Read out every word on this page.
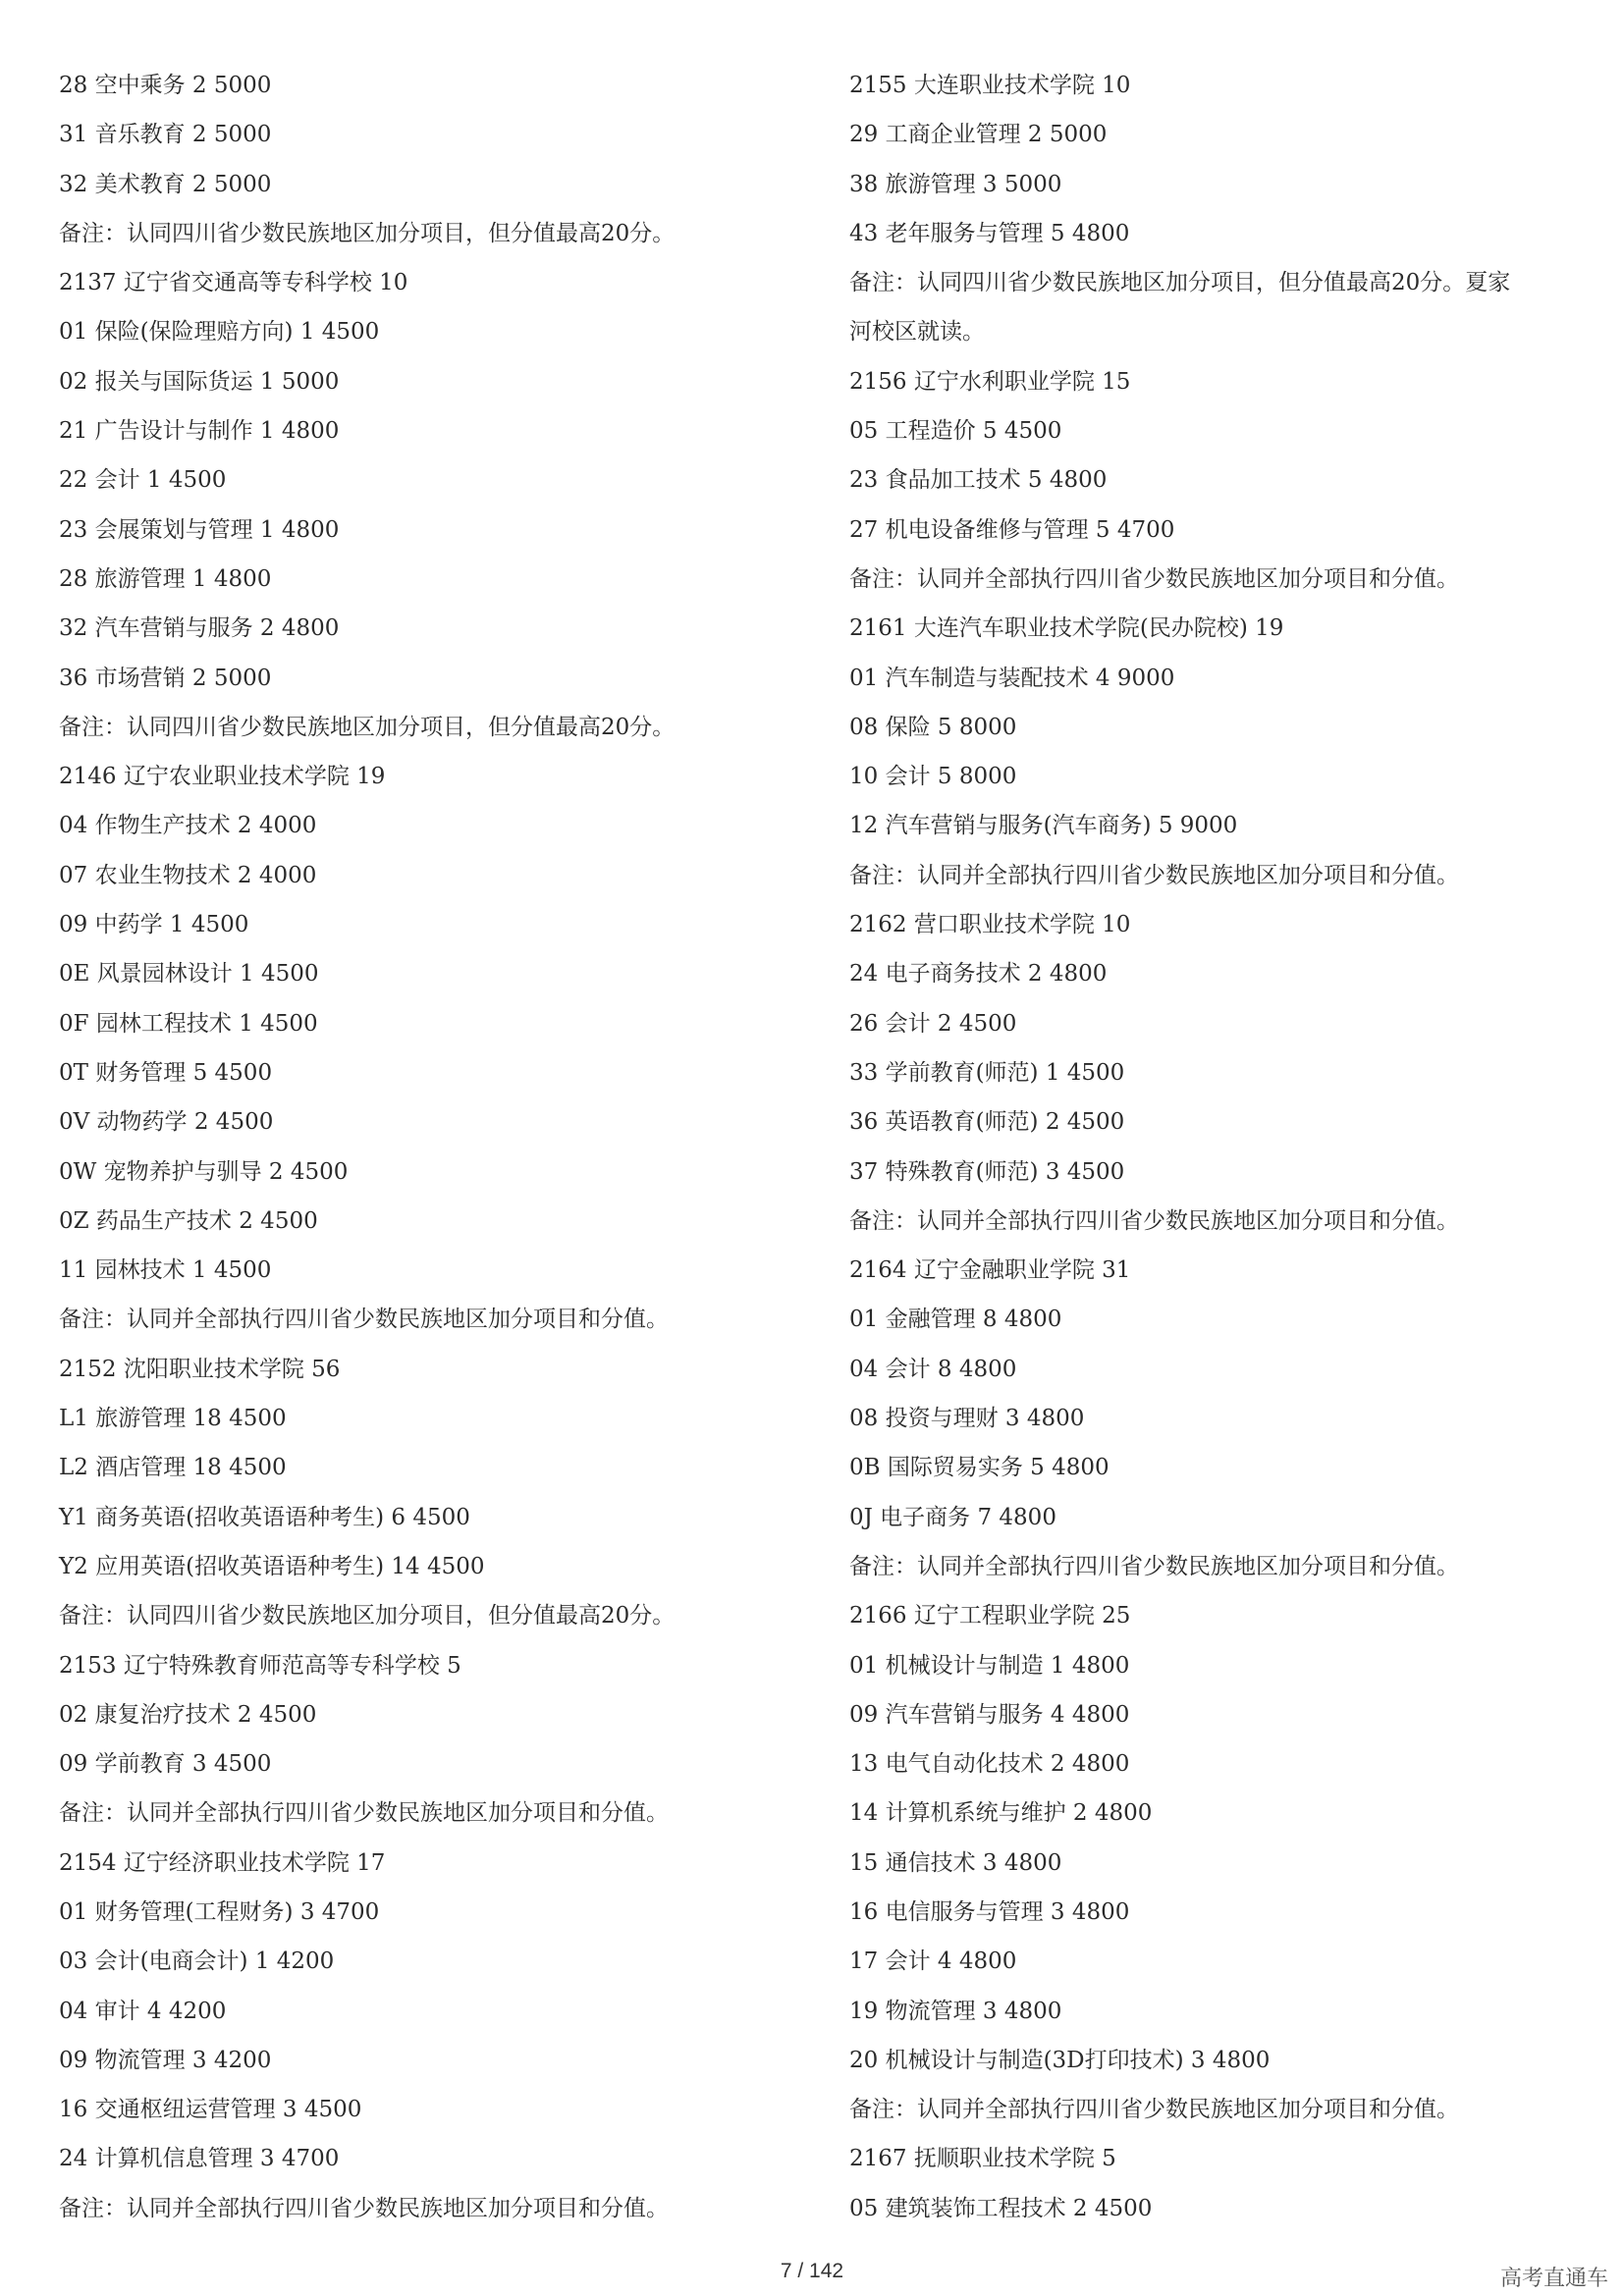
28 空中乘务 2 5000
31 音乐教育 2 5000
32 美术教育 2 5000
备注：认同四川省少数民族地区加分项目，但分值最高20分。
2137 辽宁省交通高等专科学校 10
01 保险(保险理赔方向) 1 4500
02 报关与国际货运 1 5000
21 广告设计与制作 1 4800
22 会计 1 4500
23 会展策划与管理 1 4800
28 旅游管理 1 4800
32 汽车营销与服务 2 4800
36 市场营销 2 5000
备注：认同四川省少数民族地区加分项目，但分值最高20分。
2146 辽宁农业职业技术学院 19
04 作物生产技术 2 4000
07 农业生物技术 2 4000
09 中药学 1 4500
0E 风景园林设计 1 4500
0F 园林工程技术 1 4500
0T 财务管理 5 4500
0V 动物药学 2 4500
0W 宠物养护与驯导 2 4500
0Z 药品生产技术 2 4500
11 园林技术 1 4500
备注：认同并全部执行四川省少数民族地区加分项目和分值。
2152 沈阳职业技术学院 56
L1 旅游管理 18 4500
L2 酒店管理 18 4500
Y1 商务英语(招收英语语种考生) 6 4500
Y2 应用英语(招收英语语种考生) 14 4500
备注：认同四川省少数民族地区加分项目，但分值最高20分。
2153 辽宁特殊教育师范高等专科学校 5
02 康复治疗技术 2 4500
09 学前教育 3 4500
备注：认同并全部执行四川省少数民族地区加分项目和分值。
2154 辽宁经济职业技术学院 17
01 财务管理(工程财务) 3 4700
03 会计(电商会计) 1 4200
04 审计 4 4200
09 物流管理 3 4200
16 交通枢纽运营管理 3 4500
24 计算机信息管理 3 4700
备注：认同并全部执行四川省少数民族地区加分项目和分值。
2155 大连职业技术学院 10
29 工商企业管理 2 5000
38 旅游管理 3 5000
43 老年服务与管理 5 4800
备注：认同四川省少数民族地区加分项目，但分值最高20分。夏家
河校区就读。
2156 辽宁水利职业学院 15
05 工程造价 5 4500
23 食品加工技术 5 4800
27 机电设备维修与管理 5 4700
备注：认同并全部执行四川省少数民族地区加分项目和分值。
2161 大连汽车职业技术学院(民办院校) 19
01 汽车制造与装配技术 4 9000
08 保险 5 8000
10 会计 5 8000
12 汽车营销与服务(汽车商务) 5 9000
备注：认同并全部执行四川省少数民族地区加分项目和分值。
2162 营口职业技术学院 10
24 电子商务技术 2 4800
26 会计 2 4500
33 学前教育(师范) 1 4500
36 英语教育(师范) 2 4500
37 特殊教育(师范) 3 4500
备注：认同并全部执行四川省少数民族地区加分项目和分值。
2164 辽宁金融职业学院 31
01 金融管理 8 4800
04 会计 8 4800
08 投资与理财 3 4800
0B 国际贸易实务 5 4800
0J 电子商务 7 4800
备注：认同并全部执行四川省少数民族地区加分项目和分值。
2166 辽宁工程职业学院 25
01 机械设计与制造 1 4800
09 汽车营销与服务 4 4800
13 电气自动化技术 2 4800
14 计算机系统与维护 2 4800
15 通信技术 3 4800
16 电信服务与管理 3 4800
17 会计 4 4800
19 物流管理 3 4800
20 机械设计与制造(3D打印技术) 3 4800
备注：认同并全部执行四川省少数民族地区加分项目和分值。
2167 抚顺职业技术学院 5
05 建筑装饰工程技术 2 4500
7 / 142	高考直通车
